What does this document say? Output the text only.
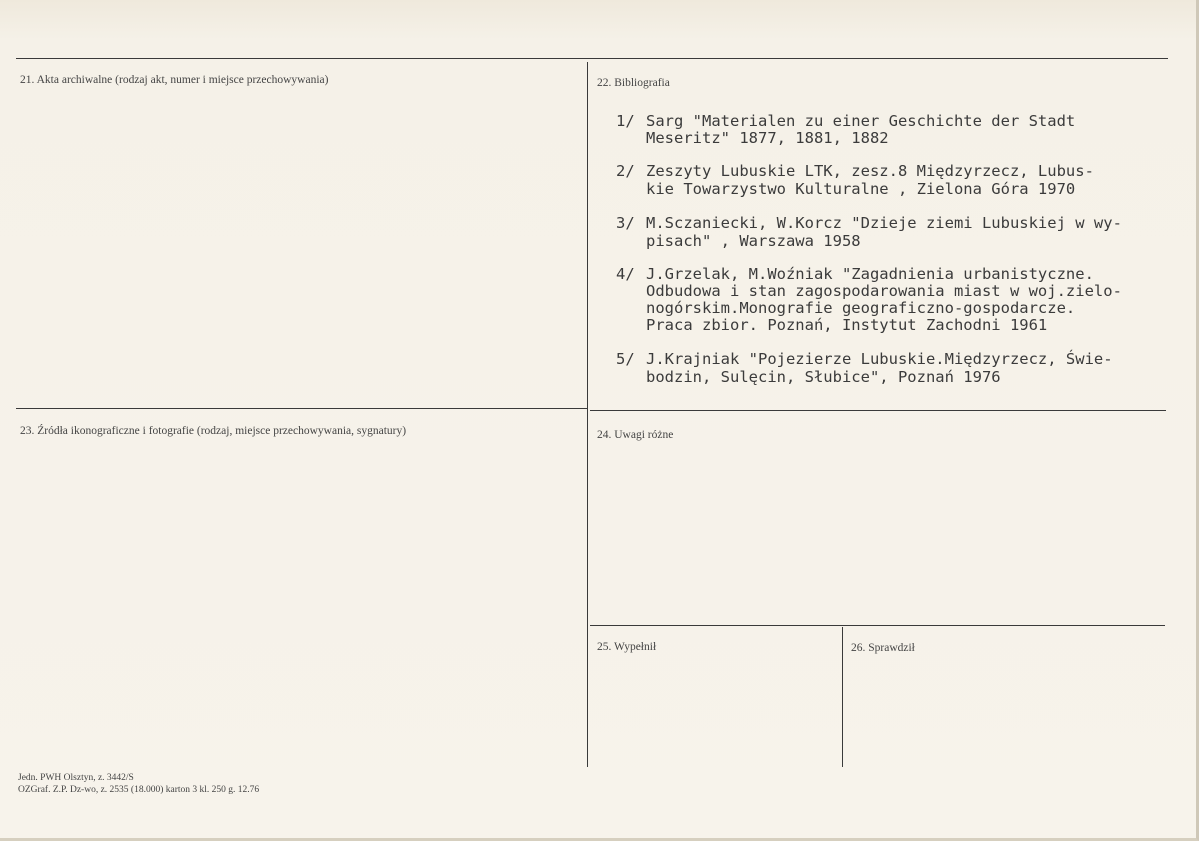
21. Akta archiwalne (rodzaj akt, numer i miejsce przechowywania)	22. Bibliografia
23. Źródła ikonograficzne i fotografie (rodzaj, miejsce przechowywania, sygnatury)	24. Uwagi różne
25. Wypełnił	26. Sprawdził
1/ Sarg "Materialen zu einer Geschichte der Stadt
Meseritz" 1877, 1881, 1882
2/ Zeszyty Lubuskie LTK, zesz.8 Międzyrzecz, Lubus-
kie Towarzystwo Kulturalne , Zielona Góra 1970
3/ M.Sczaniecki, W.Korcz "Dzieje ziemi Lubuskiej w wy-
pisach" , Warszawa 1958
4/ J.Grzelak, M.Woźniak "Zagadnienia urbanistyczne.
Odbudowa i stan zagospodarowania miast w woj.zielo-
nogórskim.Monografie geograficzno-gospodarcze.
Praca zbior. Poznań, Instytut Zachodni 1961
5/ J.Krajniak "Pojezierze Lubuskie.Międzyrzecz, Świe-
bodzin, Sulęcin, Słubice", Poznań 1976
Jedn. PWH Olsztyn, z. 3442/S
OZGraf. Z.P. Dz-wo, z. 2535 (18.000) karton 3 kl. 250 g. 12.76
